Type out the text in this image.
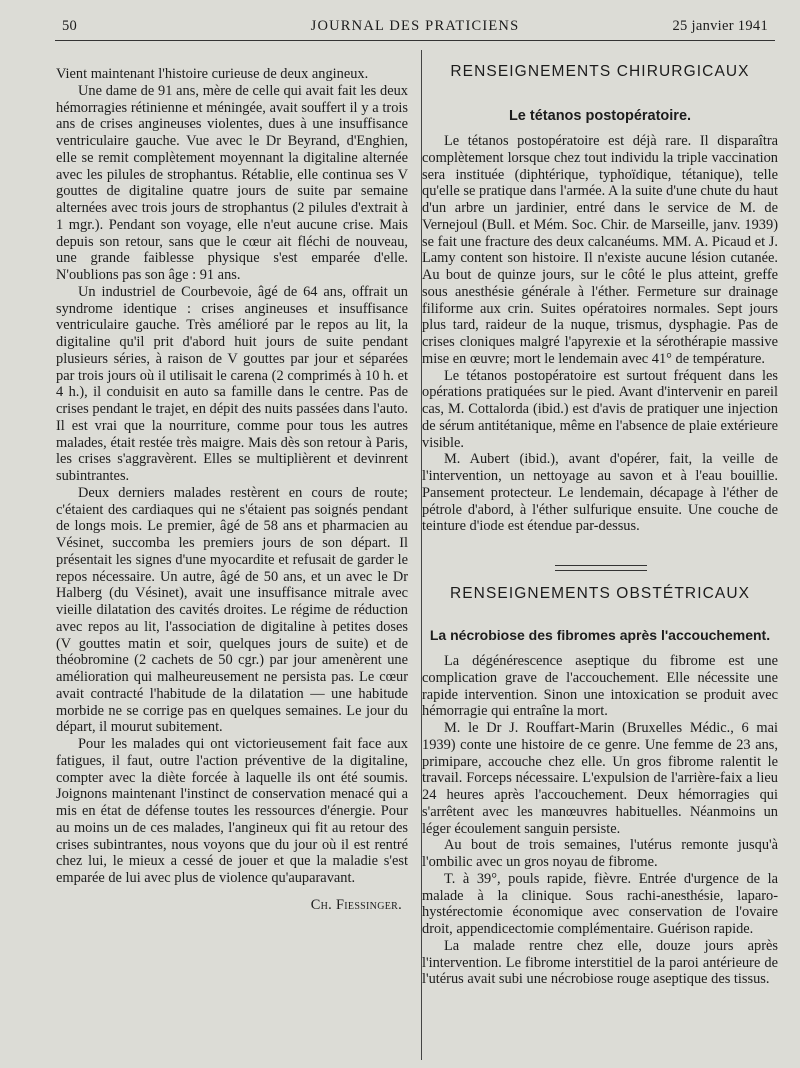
50	JOURNAL DES PRATICIENS	25 janvier 1941

Vient maintenant l'histoire curieuse de deux angineux.

Une dame de 91 ans, mère de celle qui avait fait les deux hémorragies rétinienne et méningée, avait souffert il y a trois ans de crises angineuses violentes, dues à une insuffisance ventriculaire gauche. Vue avec le Dr Beyrand, d'Enghien, elle se remit complètement moyennant la digitaline alternée avec les pilules de strophantus. Rétablie, elle continua ses V gouttes de digitaline quatre jours de suite par semaine alternées avec trois jours de strophantus (2 pilules d'extrait à 1 mgr.). Pendant son voyage, elle n'eut aucune crise. Mais depuis son retour, sans que le cœur ait fléchi de nouveau, une grande faiblesse physique s'est emparée d'elle. N'oublions pas son âge : 91 ans.

Un industriel de Courbevoie, âgé de 64 ans, offrait un syndrome identique : crises angineuses et insuffisance ventriculaire gauche. Très amélioré par le repos au lit, la digitaline qu'il prit d'abord huit jours de suite pendant plusieurs séries, à raison de V gouttes par jour et séparées par trois jours où il utilisait le carena (2 comprimés à 10 h. et 4 h.), il conduisit en auto sa famille dans le centre. Pas de crises pendant le trajet, en dépit des nuits passées dans l'auto. Il est vrai que la nourriture, comme pour tous les autres malades, était restée très maigre. Mais dès son retour à Paris, les crises s'aggravèrent. Elles se multiplièrent et devinrent subintrantes.

Deux derniers malades restèrent en cours de route; c'étaient des cardiaques qui ne s'étaient pas soignés pendant de longs mois. Le premier, âgé de 58 ans et pharmacien au Vésinet, succomba les premiers jours de son départ. Il présentait les signes d'une myocardite et refusait de garder le repos nécessaire. Un autre, âgé de 50 ans, et un avec le Dr Halberg (du Vésinet), avait une insuffisance mitrale avec vieille dilatation des cavités droites. Le régime de réduction avec repos au lit, l'association de digitaline à petites doses (V gouttes matin et soir, quelques jours de suite) et de théobromine (2 cachets de 50 cgr.) par jour amenèrent une amélioration qui malheureusement ne persista pas. Le cœur avait contracté l'habitude de la dilatation — une habitude morbide ne se corrige pas en quelques semaines. Le jour du départ, il mourut subitement.

Pour les malades qui ont victorieusement fait face aux fatigues, il faut, outre l'action préventive de la digitaline, compter avec la diète forcée à laquelle ils ont été soumis. Joignons maintenant l'instinct de conservation menacé qui a mis en état de défense toutes les ressources d'énergie. Pour au moins un de ces malades, l'angineux qui fit au retour des crises subintrantes, nous voyons que du jour où il est rentré chez lui, le mieux a cessé de jouer et que la maladie s'est emparée de lui avec plus de violence qu'auparavant.

Ch. Fiessinger.
RENSEIGNEMENTS CHIRURGICAUX
Le tétanos postopératoire.

Le tétanos postopératoire est déjà rare. Il disparaîtra complètement lorsque chez tout individu la triple vaccination sera instituée (diphtérique, typhoïdique, tétanique), telle qu'elle se pratique dans l'armée. A la suite d'une chute du haut d'un arbre un jardinier, entré dans le service de M. de Vernejoul (Bull. et Mém. Soc. Chir. de Marseille, janv. 1939) se fait une fracture des deux calcanéums. MM. A. Picaud et J. Lamy content son histoire. Il n'existe aucune lésion cutanée. Au bout de quinze jours, sur le côté le plus atteint, greffe sous anesthésie générale à l'éther. Fermeture sur drainage filiforme aux crin. Suites opératoires normales. Sept jours plus tard, raideur de la nuque, trismus, dysphagie. Pas de crises cloniques malgré l'apyrexie et la sérothérapie massive mise en œuvre; mort le lendemain avec 41° de température.

Le tétanos postopératoire est surtout fréquent dans les opérations pratiquées sur le pied. Avant d'intervenir en pareil cas, M. Cottalorda (ibid.) est d'avis de pratiquer une injection de sérum antitétanique, même en l'absence de plaie extérieure visible.

M. Aubert (ibid.), avant d'opérer, fait, la veille de l'intervention, un nettoyage au savon et à l'eau bouillie. Pansement protecteur. Le lendemain, décapage à l'éther de pétrole d'abord, à l'éther sulfurique ensuite. Une couche de teinture d'iode est étendue par-dessus.

RENSEIGNEMENTS OBSTÉTRICAUX
La nécrobiose des fibromes après l'accouchement.

La dégénérescence aseptique du fibrome est une complication grave de l'accouchement. Elle nécessite une rapide intervention. Sinon une intoxication se produit avec hémorragie qui entraîne la mort.

M. le Dr J. Rouffart-Marin (Bruxelles Médic., 6 mai 1939) conte une histoire de ce genre. Une femme de 23 ans, primipare, accouche chez elle. Un gros fibrome ralentit le travail. Forceps nécessaire. L'expulsion de l'arrière-faix a lieu 24 heures après l'accouchement. Deux hémorragies qui s'arrêtent avec les manœuvres habituelles. Néanmoins un léger écoulement sanguin persiste.

Au bout de trois semaines, l'utérus remonte jusqu'à l'ombilic avec un gros noyau de fibrome.

T. à 39°, pouls rapide, fièvre. Entrée d'urgence de la malade à la clinique. Sous rachi-anesthésie, laparo-hystérectomie économique avec conservation de l'ovaire droit, appendicectomie complémentaire. Guérison rapide.

La malade rentre chez elle, douze jours après l'intervention. Le fibrome interstitiel de la paroi antérieure de l'utérus avait subi une nécrobiose rouge aseptique des tissus.
